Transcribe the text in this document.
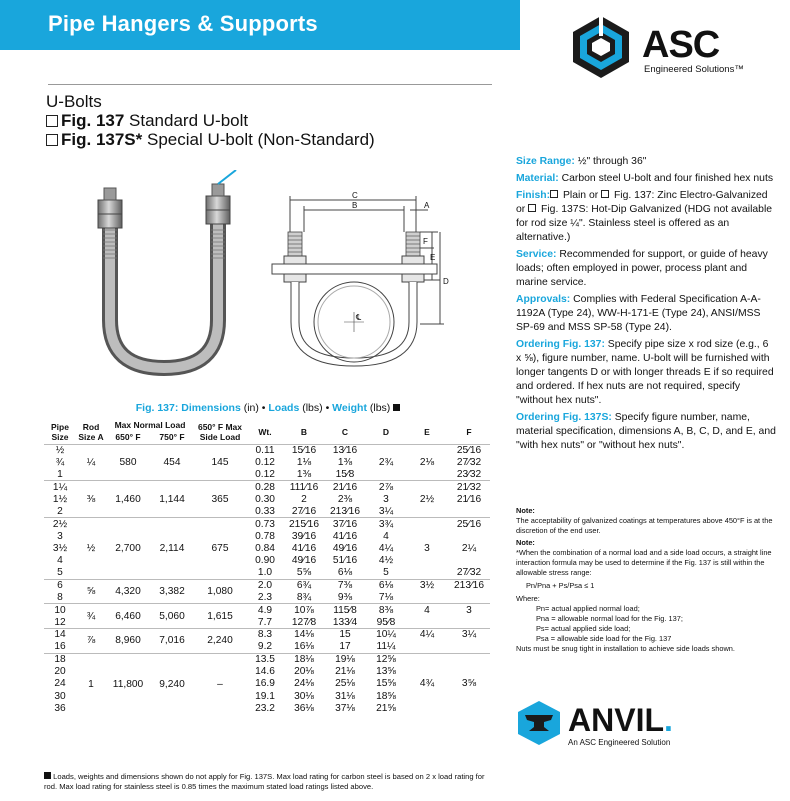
Pipe Hangers & Supports
ASC
Engineered Solutions™
U-Bolts
Fig. 137 Standard U-bolt
Fig. 137S* Special U-bolt (Non-Standard)
C
B	A
F
E
D
℄

Size Range: ½" through 36"

Material: Carbon steel U-bolt and four finished hex nuts

Finish: Plain or  Fig. 137: Zinc Electro-Galvanized or  Fig. 137S: Hot-Dip Galvanized (HDG not available for rod size ¼". Stainless steel is offered as an alternative.)

Service: Recommended for support, or guide of heavy loads; often employed in power, process plant and marine service.

Approvals: Complies with Federal Specification A-A-1192A (Type 24), WW-H-171-E (Type 24), ANSI/MSS SP-69 and MSS SP-58 (Type 24).

Ordering Fig. 137: Specify pipe size x rod size (e.g., 6 x ⅝), figure number, name. U-bolt will be furnished with longer tangents D or with longer threads E if so required and ordered. If hex nuts are not required, specify "without hex nuts".

Ordering Fig. 137S: Specify figure number, name, material specification, dimensions A, B, C, D, and E, and "with hex nuts" or "without hex nuts".

Note:
The acceptability of galvanized coatings at temperatures above 450°F is at the discretion of the end user.
Note:
*When the combination of a normal load and a side load occurs, a straight line interaction formula may be used to determine if the Fig. 137 is still within the allowable stress range:
Pn/Pna + Ps/Psa ≤ 1
Where:
Pn= actual applied normal load;
Pna = allowable normal load for the Fig. 137;
Ps= actual applied side load;
Psa = allowable side load for the Fig. 137
Nuts must be snug tight in installation to achieve side loads shown.
Fig. 137: Dimensions (in) • Loads (lbs) • Weight (lbs)
Pipe Size	Rod Size A	Max Normal Load		650° F Max Side Load	Wt.	B	C	D	E	F
		650° F	750° F							
½	¼	580	454	145	0.11	15⁄16	13⁄16			25⁄16
¾					0.12	1⅛	1⅜	2¾	2⅛	27⁄32
1					0.12	1⅜	15⁄8			23⁄32
1¼	⅜	1,460	1,144	365	0.28	111⁄16	21⁄16	2⅞		21⁄32
1½					0.30	2	2⅜	3	2½	21⁄16
2					0.33	27⁄16	213⁄16	3¼		
2½	½	2,700	2,114	675	0.73	215⁄16	37⁄16	3¾		25⁄16
3					0.78	39⁄16	41⁄16	4		
3½					0.84	41⁄16	49⁄16	4¼	3	2¼
4					0.90	49⁄16	51⁄16	4½		
5					1.0	5⅝	6⅛	5		27⁄32
6	⅝	4,320	3,382	1,080	2.0	6¾	7⅜	6⅛	3½	213⁄16
8					2.3	8¾	9⅜	7⅛		
10	¾	6,460	5,060	1,615	4.9	10⅞	115⁄8	8⅜	4	3
12					7.7	127⁄8	133⁄4	95⁄8		
14	⅞	8,960	7,016	2,240	8.3	14⅛	15	10¼	4¼	3¼
16					9.2	16⅛	17	11¼		
18	1	11,800	9,240	–	13.5	18⅛	19⅛	12⅝		
20					14.6	20⅛	21⅛	13⅝		
24					16.9	24⅛	25⅛	15⅝	4¾	3⅝
30					19.1	30⅛	31⅛	18⅝		
36					23.2	36⅛	37⅛	21⅝		
Loads, weights and dimensions shown do not apply for Fig. 137S. Max load rating for carbon steel is based on 2 x load rating for rod. Max load rating for stainless steel is 0.85 times the maximum stated load ratings listed above.
ANVIL.
An ASC Engineered Solution
